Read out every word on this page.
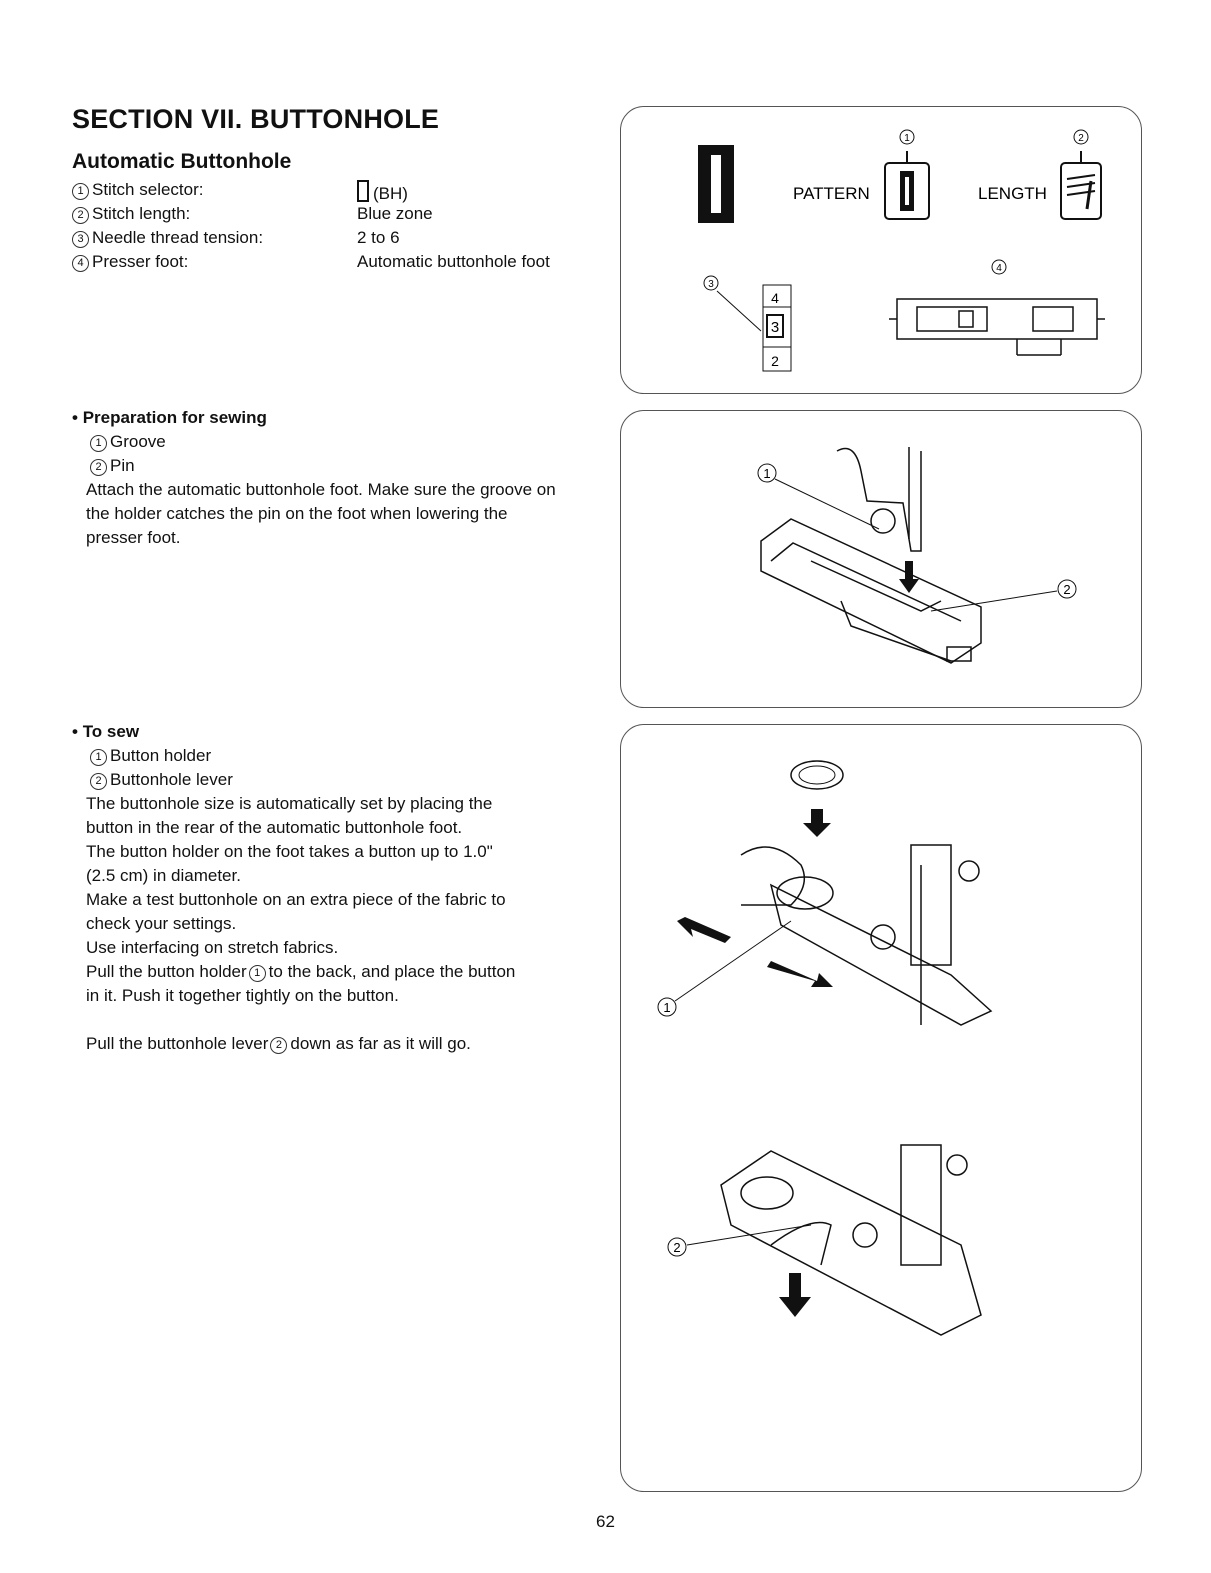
SECTION VII. BUTTONHOLE
Automatic Buttonhole
1 Stitch selector:	(BH)
2 Stitch length:	Blue zone
3 Needle thread tension:	2 to 6
4 Presser foot:	Automatic buttonhole foot
• Preparation for sewing
1 Groove
2 Pin
Attach the automatic buttonhole foot. Make sure the groove on the holder catches the pin on the foot when lowering the presser foot.
• To sew
1 Button holder
2 Buttonhole lever
The buttonhole size is automatically set by placing the
button in the rear of the automatic buttonhole foot.
The button holder on the foot takes a button up to 1.0"
(2.5 cm) in diameter.
Make a test buttonhole on an extra piece of the fabric to
check your settings.
Use interfacing on stretch fabrics.
Pull the button holder 1 to the back, and place the button
in it. Push it together tightly on the button.
Pull the buttonhole lever 2 down as far as it will go.
PATTERN
1
LENGTH
2
3
4
3
2
4
1
2
1
2
62
